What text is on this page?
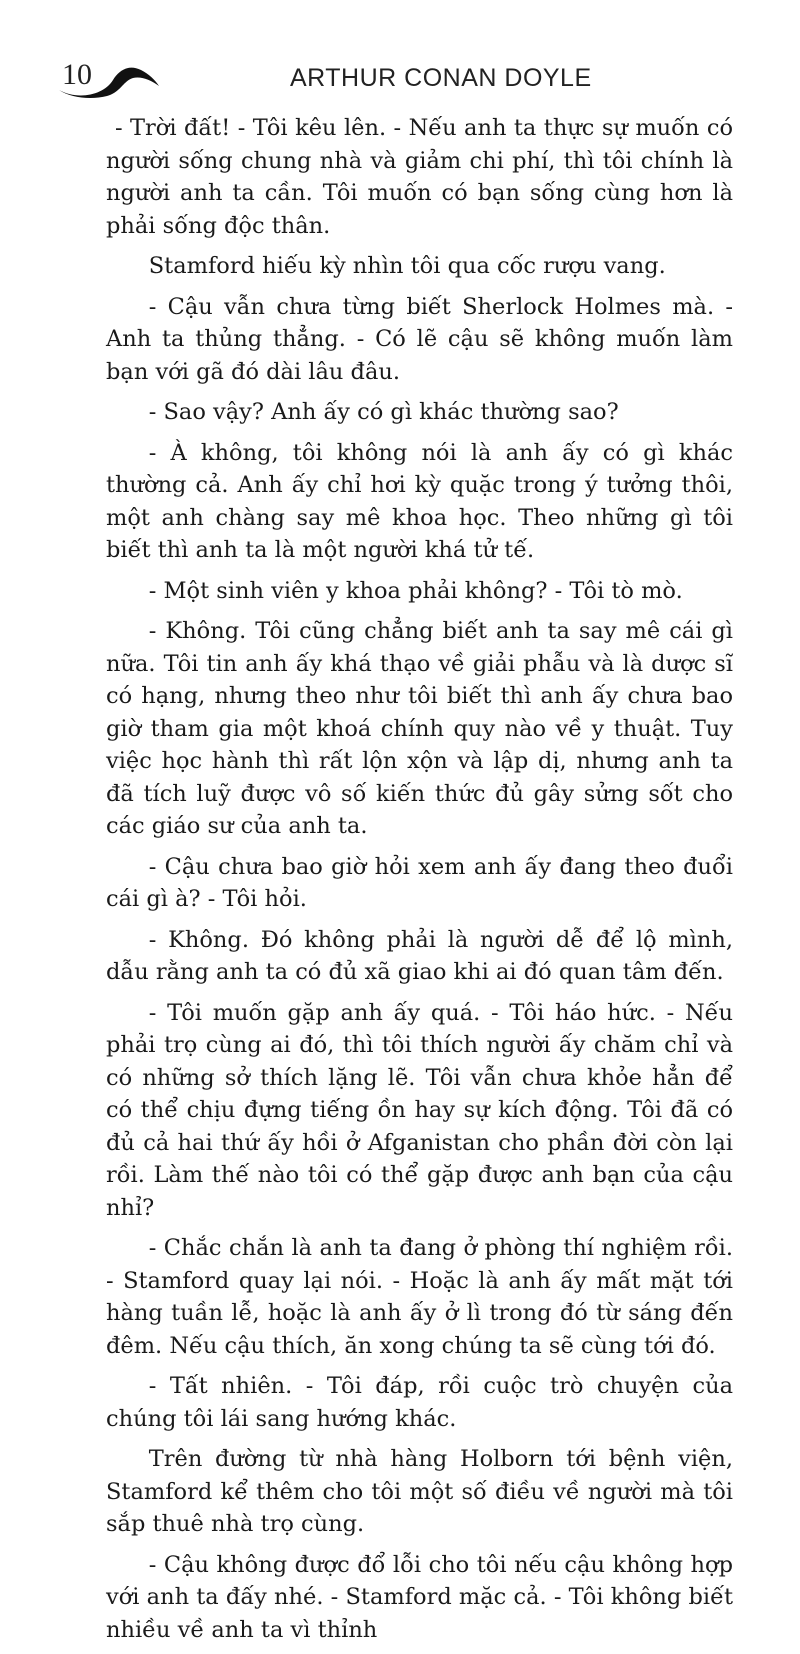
10	ARTHUR CONAN DOYLE

- Trời đất! - Tôi kêu lên. - Nếu anh ta thực sự muốn có người sống chung nhà và giảm chi phí, thì tôi chính là người anh ta cần. Tôi muốn có bạn sống cùng hơn là phải sống độc thân.

Stamford hiếu kỳ nhìn tôi qua cốc rượu vang.

- Cậu vẫn chưa từng biết Sherlock Holmes mà. - Anh ta thủng thẳng. - Có lẽ cậu sẽ không muốn làm bạn với gã đó dài lâu đâu.

- Sao vậy? Anh ấy có gì khác thường sao?

- À không, tôi không nói là anh ấy có gì khác thường cả. Anh ấy chỉ hơi kỳ quặc trong ý tưởng thôi, một anh chàng say mê khoa học. Theo những gì tôi biết thì anh ta là một người khá tử tế.

- Một sinh viên y khoa phải không? - Tôi tò mò.

- Không. Tôi cũng chẳng biết anh ta say mê cái gì nữa. Tôi tin anh ấy khá thạo về giải phẫu và là dược sĩ có hạng, nhưng theo như tôi biết thì anh ấy chưa bao giờ tham gia một khoá chính quy nào về y thuật. Tuy việc học hành thì rất lộn xộn và lập dị, nhưng anh ta đã tích luỹ được vô số kiến thức đủ gây sửng sốt cho các giáo sư của anh ta.

- Cậu chưa bao giờ hỏi xem anh ấy đang theo đuổi cái gì à? - Tôi hỏi.

- Không. Đó không phải là người dễ để lộ mình, dẫu rằng anh ta có đủ xã giao khi ai đó quan tâm đến.

- Tôi muốn gặp anh ấy quá. - Tôi háo hức. - Nếu phải trọ cùng ai đó, thì tôi thích người ấy chăm chỉ và có những sở thích lặng lẽ. Tôi vẫn chưa khỏe hẳn để có thể chịu đựng tiếng ồn hay sự kích động. Tôi đã có đủ cả hai thứ ấy hồi ở Afganistan cho phần đời còn lại rồi. Làm thế nào tôi có thể gặp được anh bạn của cậu nhỉ?

- Chắc chắn là anh ta đang ở phòng thí nghiệm rồi. - Stamford quay lại nói. - Hoặc là anh ấy mất mặt tới hàng tuần lễ, hoặc là anh ấy ở lì trong đó từ sáng đến đêm. Nếu cậu thích, ăn xong chúng ta sẽ cùng tới đó.

- Tất nhiên. - Tôi đáp, rồi cuộc trò chuyện của chúng tôi lái sang hướng khác.

Trên đường từ nhà hàng Holborn tới bệnh viện, Stamford kể thêm cho tôi một số điều về người mà tôi sắp thuê nhà trọ cùng.

- Cậu không được đổ lỗi cho tôi nếu cậu không hợp với anh ta đấy nhé. - Stamford mặc cả. - Tôi không biết nhiều về anh ta vì thỉnh
